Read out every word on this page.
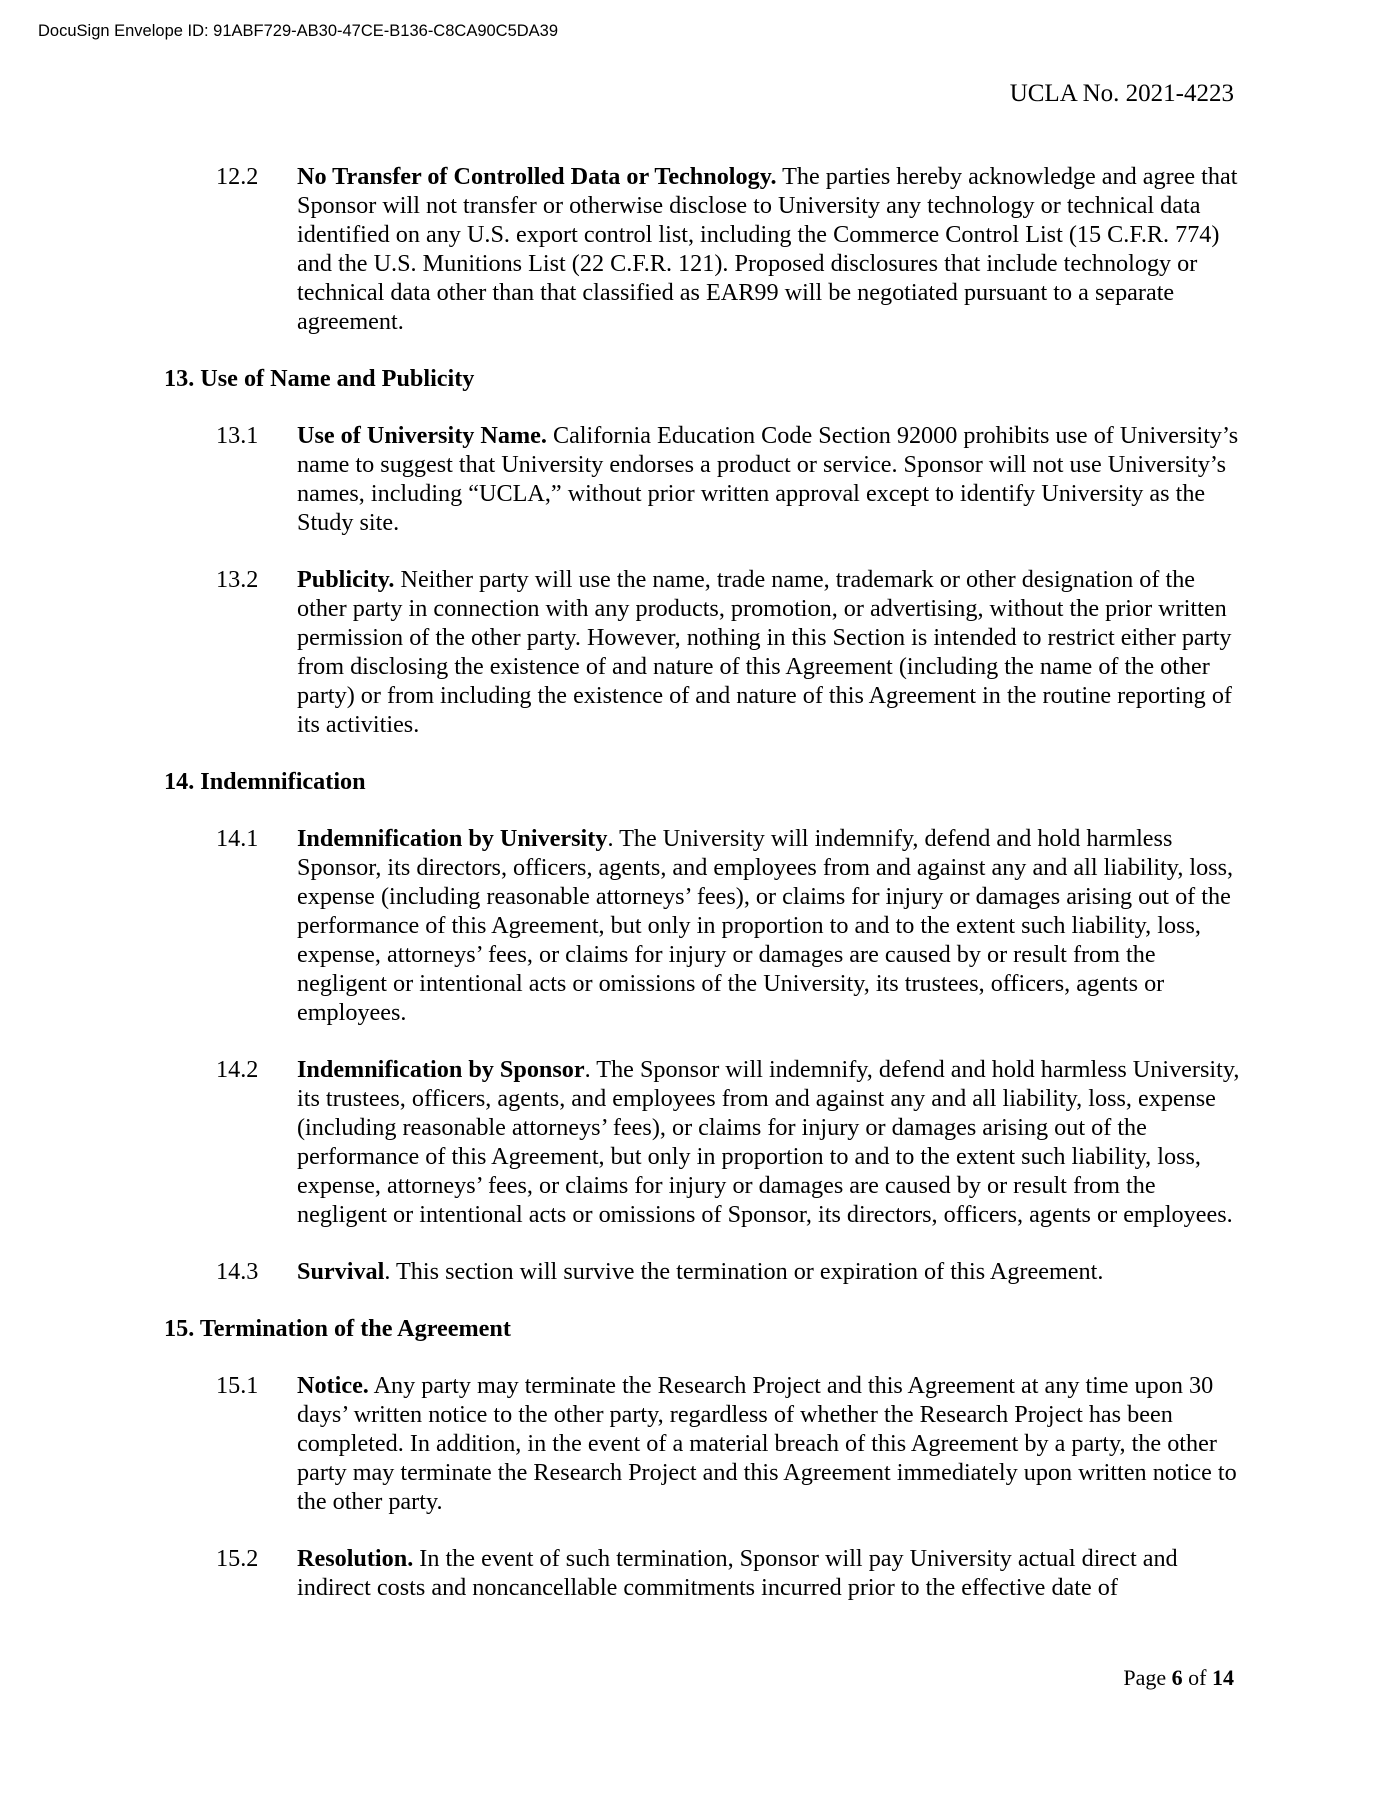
DocuSign Envelope ID: 91ABF729-AB30-47CE-B136-C8CA90C5DA39
UCLA No. 2021-4223
12.2 No Transfer of Controlled Data or Technology. The parties hereby acknowledge and agree that Sponsor will not transfer or otherwise disclose to University any technology or technical data identified on any U.S. export control list, including the Commerce Control List (15 C.F.R. 774) and the U.S. Munitions List (22 C.F.R. 121). Proposed disclosures that include technology or technical data other than that classified as EAR99 will be negotiated pursuant to a separate agreement.

13. Use of Name and Publicity
13.1 Use of University Name. California Education Code Section 92000 prohibits use of University’s name to suggest that University endorses a product or service. Sponsor will not use University’s names, including “UCLA,” without prior written approval except to identify University as the Study site.

13.2 Publicity. Neither party will use the name, trade name, trademark or other designation of the other party in connection with any products, promotion, or advertising, without the prior written permission of the other party. However, nothing in this Section is intended to restrict either party from disclosing the existence of and nature of this Agreement (including the name of the other party) or from including the existence of and nature of this Agreement in the routine reporting of its activities.

14. Indemnification
14.1 Indemnification by University. The University will indemnify, defend and hold harmless Sponsor, its directors, officers, agents, and employees from and against any and all liability, loss, expense (including reasonable attorneys’ fees), or claims for injury or damages arising out of the performance of this Agreement, but only in proportion to and to the extent such liability, loss, expense, attorneys’ fees, or claims for injury or damages are caused by or result from the negligent or intentional acts or omissions of the University, its trustees, officers, agents or employees.

14.2 Indemnification by Sponsor. The Sponsor will indemnify, defend and hold harmless University, its trustees, officers, agents, and employees from and against any and all liability, loss, expense (including reasonable attorneys’ fees), or claims for injury or damages arising out of the performance of this Agreement, but only in proportion to and to the extent such liability, loss, expense, attorneys’ fees, or claims for injury or damages are caused by or result from the negligent or intentional acts or omissions of Sponsor, its directors, officers, agents or employees.

14.3 Survival. This section will survive the termination or expiration of this Agreement.

15. Termination of the Agreement
15.1 Notice. Any party may terminate the Research Project and this Agreement at any time upon 30 days’ written notice to the other party, regardless of whether the Research Project has been completed. In addition, in the event of a material breach of this Agreement by a party, the other party may terminate the Research Project and this Agreement immediately upon written notice to the other party.

15.2 Resolution. In the event of such termination, Sponsor will pay University actual direct and indirect costs and noncancellable commitments incurred prior to the effective date of

Page 6 of 14
